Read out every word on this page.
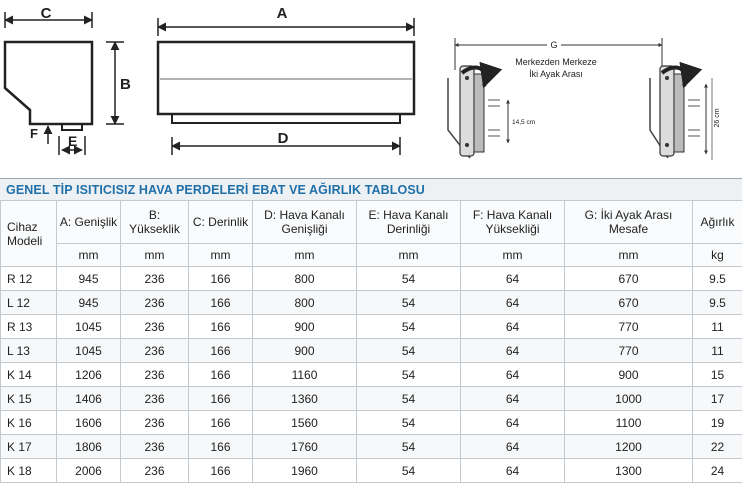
C
B
E
F
A
D
G
Merkezden Merkeze
İki Ayak Arası
14,5 cm	26 cm
GENEL TİP ISITICISIZ HAVA PERDELERİ EBAT VE AĞIRLIK TABLOSU
Cihaz Modeli	A: Genişlik	B: Yükseklik	C: Derinlik	D: Hava Kanalı Genişliği	E: Hava Kanalı Derinliği	F: Hava Kanalı Yüksekliği	G: İki Ayak Arası Mesafe	Ağırlık
	mm	mm	mm	mm	mm	mm	mm	kg
R 12	945	236	166	800	54	64	670	9.5
L 12	945	236	166	800	54	64	670	9.5
R 13	1045	236	166	900	54	64	770	11
L 13	1045	236	166	900	54	64	770	11
K 14	1206	236	166	1160	54	64	900	15
K 15	1406	236	166	1360	54	64	1000	17
K 16	1606	236	166	1560	54	64	1100	19
K 17	1806	236	166	1760	54	64	1200	22
K 18	2006	236	166	1960	54	64	1300	24
